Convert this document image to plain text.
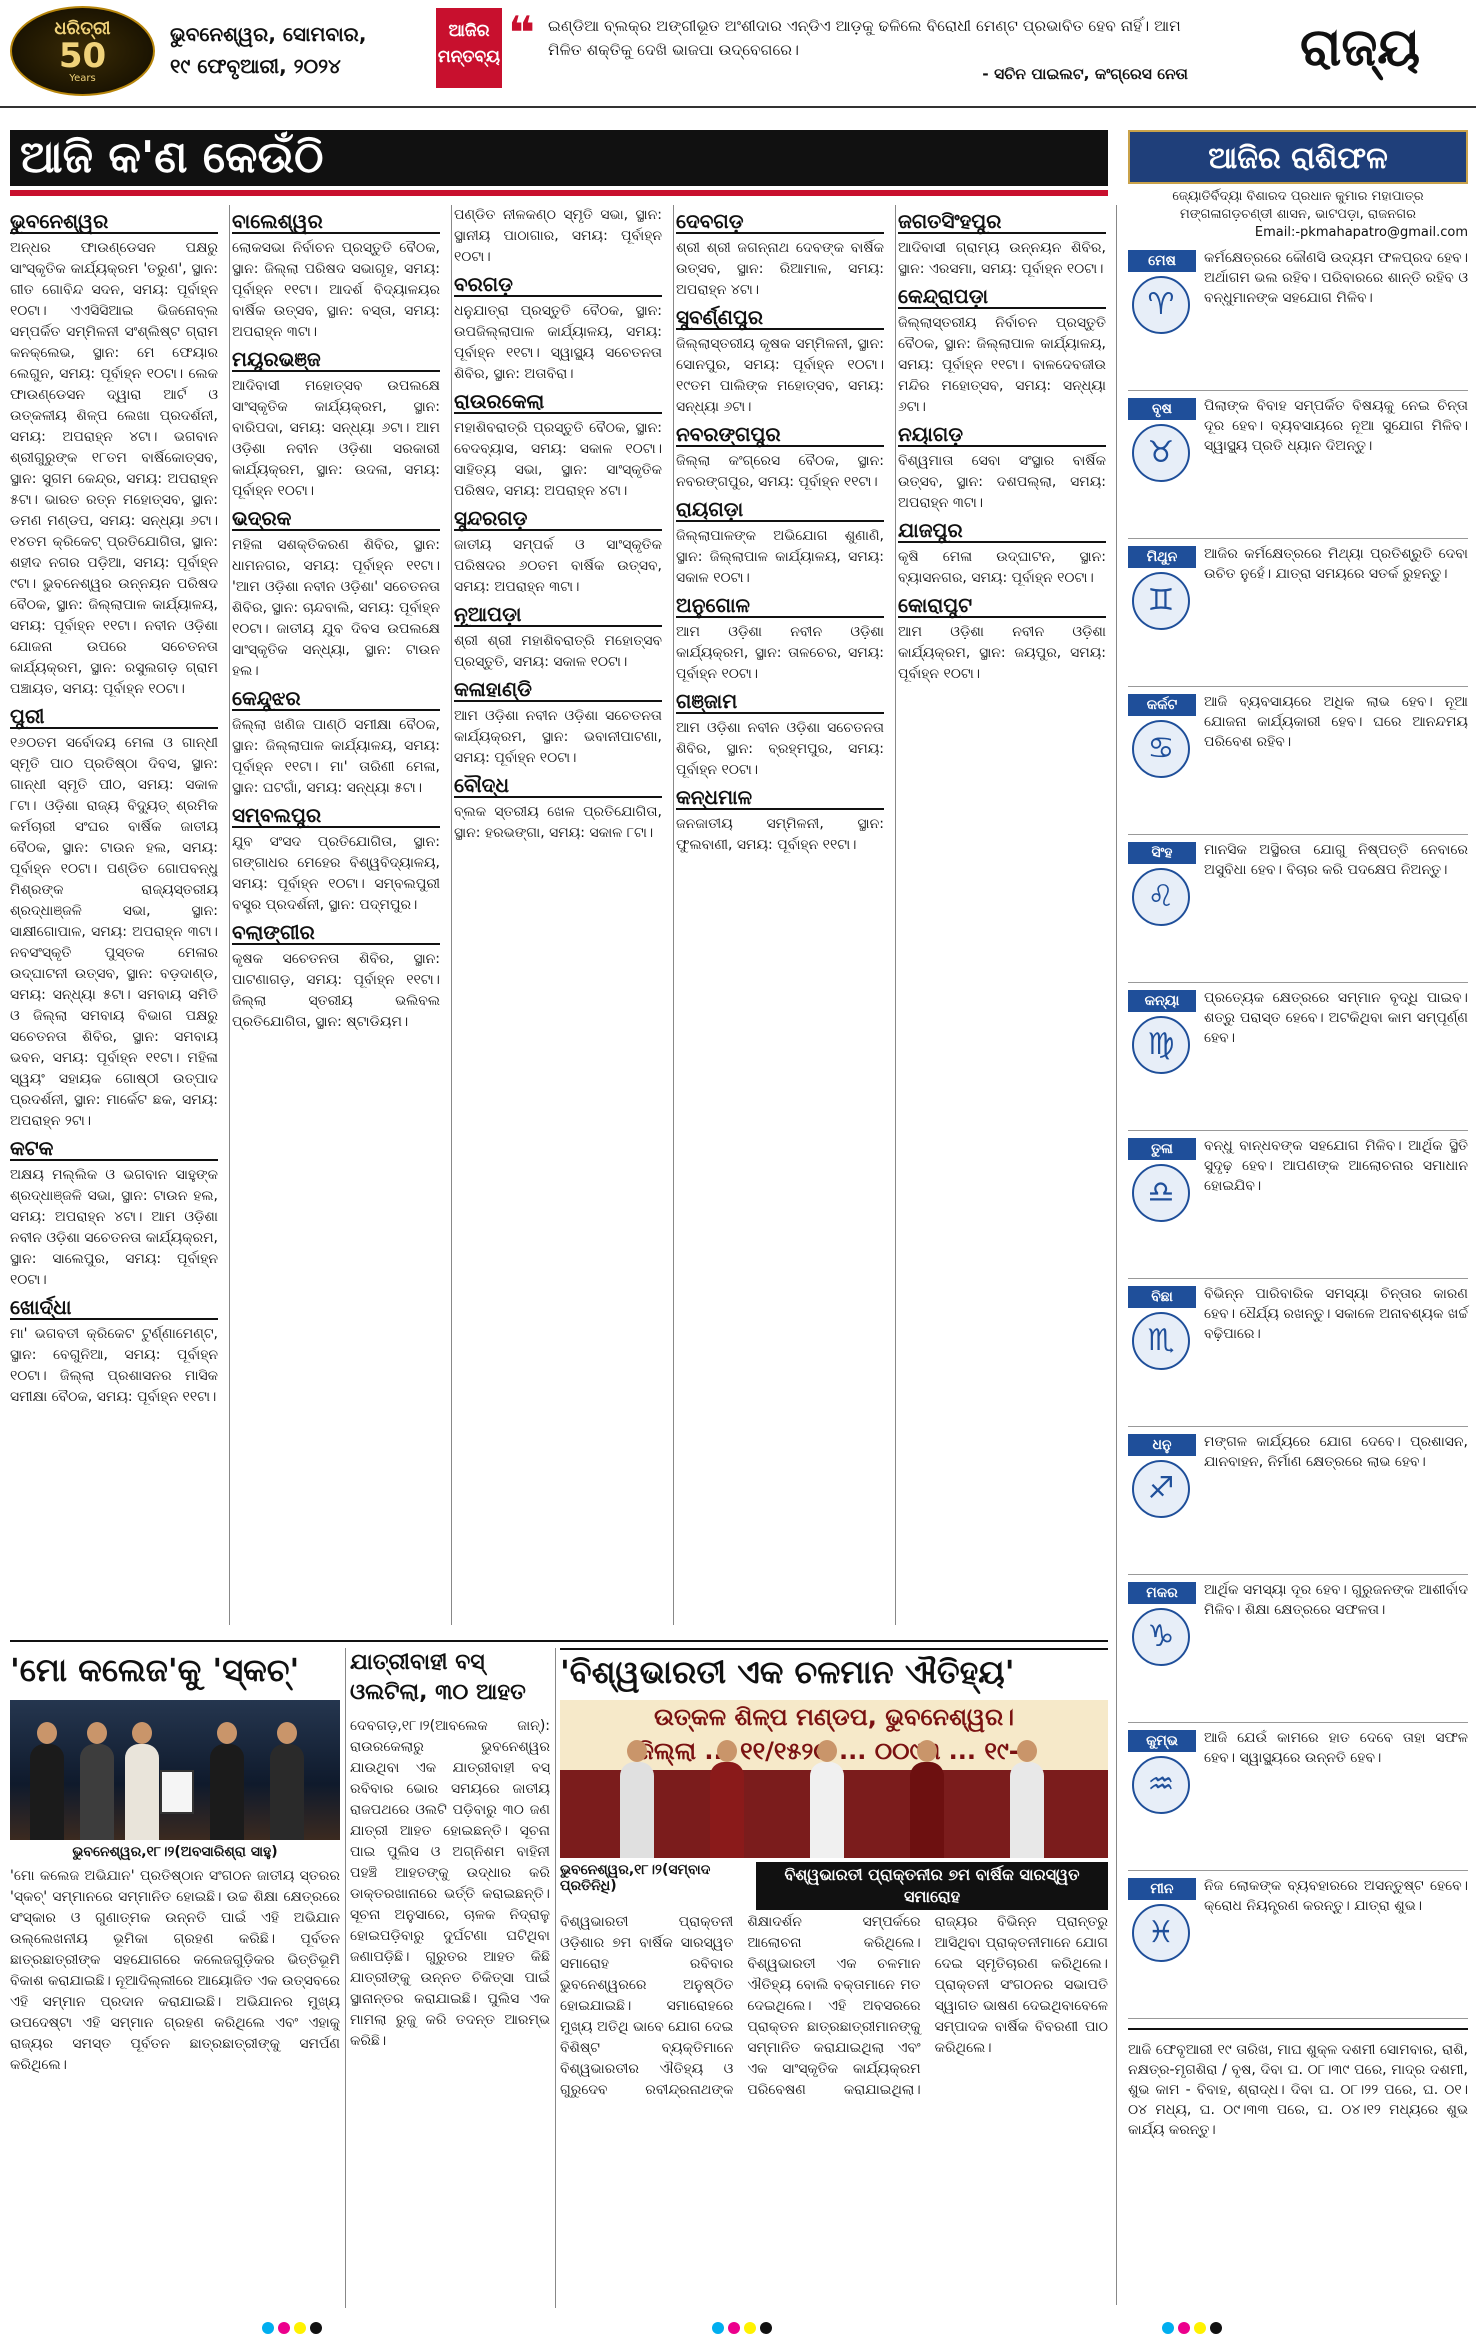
ଧରିତ୍ରୀ
50
Years
ଭୁବନେଶ୍ୱର, ସୋମବାର,
୧୯ ଫେବୃଆରୀ, ୨୦୨୪
ଆଜିର ମନ୍ତବ୍ୟ ❝ ଇଣ୍ଡିଆ ବ୍ଲକ୍‌ର ଅଙ୍ଗୀଭୂତ ଅଂଶୀଦାର ଏନ୍‌ଡିଏ ଆଡ଼କୁ ଢଳିଲେ ବିରୋଧୀ ମେଣ୍ଟ ପ୍ରଭାବିତ ହେବ ନାହିଁ। ଆମ ମିଳିତ ଶକ୍ତିକୁ ଦେଖି ଭାଜପା ଉଦ୍‌ବେଗରେ।
- ସଚିନ ପାଇଲଟ, କଂଗ୍ରେସ ନେତା ରାଜ୍ୟ
ଆଜି କ'ଣ କେଉଁଠି
ଭୁବନେଶ୍ୱର

ଅନ୍ଧର ଫାଉଣ୍ଡେସନ ପକ୍ଷରୁ ସାଂସ୍କୃତିକ କାର୍ଯ୍ୟକ୍ରମ 'ତରୁଣ', ସ୍ଥାନ: ଗୀତ ଗୋବିନ୍ଦ ସଦନ, ସମୟ: ପୂର୍ବାହ୍ନ ୧୦ଟା। ଏଏସିସିଆଇ ଭିଜନୋବ୍ଲ ସମ୍ପର୍କିତ ସମ୍ମିଳନୀ ସଂଶ୍ଲିଷ୍ଟ ଗ୍ରାମ କନକ୍ଲେଭ, ସ୍ଥାନ: ମେ ଫେୟାର ଲେଗୁନ, ସମୟ: ପୂର୍ବାହ୍ନ ୧୦ଟା। ଲେକ ଫାଉଣ୍ଡେସନ ଦ୍ୱାରା ଆର୍ଟ ଓ ଉତ୍କଳୀୟ ଶିଳ୍ପ ଲେଖା ପ୍ରଦର୍ଶନୀ, ସମୟ: ଅପରାହ୍ନ ୪ଟା। ଭଗବାନ ଶ୍ରୀଗୁରୁଙ୍କ ୧୮ତମ ବାର୍ଷିକୋତ୍ସବ, ସ୍ଥାନ: ସୁଗମ କେନ୍ଦ୍ର, ସମୟ: ଅପରାହ୍ନ ୫ଟା। ଭାରତ ରତ୍ନ ମହୋତ୍ସବ, ସ୍ଥାନ: ଡମଣ ମଣ୍ଡପ, ସମୟ: ସନ୍ଧ୍ୟା ୬ଟା। ୧୪ତମ କ୍ରିକେଟ୍ ପ୍ରତିଯୋଗିତା, ସ୍ଥାନ: ଶହୀଦ ନଗର ପଡ଼ିଆ, ସମୟ: ପୂର୍ବାହ୍ନ ୯ଟା। ଭୁବନେଶ୍ୱର ଉନ୍ନୟନ ପରିଷଦ ବୈଠକ, ସ୍ଥାନ: ଜିଲ୍ଲାପାଳ କାର୍ଯ୍ୟାଳୟ, ସମୟ: ପୂର୍ବାହ୍ନ ୧୧ଟା। ନବୀନ ଓଡ଼ିଶା ଯୋଜନା ଉପରେ ସଚେତନତା କାର୍ଯ୍ୟକ୍ରମ, ସ୍ଥାନ: ରସୁଲଗଡ଼ ଗ୍ରାମ ପଞ୍ଚାୟତ, ସମୟ: ପୂର୍ବାହ୍ନ ୧୦ଟା।

ପୁରୀ

୧୬୦ତମ ସର୍ବୋଦୟ ମେଳା ଓ ଗାନ୍ଧୀ ସ୍ମୃତି ପାଠ ପ୍ରତିଷ୍ଠା ଦିବସ, ସ୍ଥାନ: ଗାନ୍ଧୀ ସ୍ମୃତି ପୀଠ, ସମୟ: ସକାଳ ୮ଟା। ଓଡ଼ିଶା ରାଜ୍ୟ ବିଦ୍ୟୁତ୍ ଶ୍ରମିକ କର୍ମଚାରୀ ସଂଘର ବାର୍ଷିକ ଜାତୀୟ ବୈଠକ, ସ୍ଥାନ: ଟାଉନ ହଲ, ସମୟ: ପୂର୍ବାହ୍ନ ୧୦ଟା। ପଣ୍ଡିତ ଗୋପବନ୍ଧୁ ମିଶ୍ରଙ୍କ ରାଜ୍ୟସ୍ତରୀୟ ଶ୍ରଦ୍ଧାଞ୍ଜଳି ସଭା, ସ୍ଥାନ: ସାକ୍ଷୀଗୋପାଳ, ସମୟ: ଅପରାହ୍ନ ୩ଟା। ନବସଂସ୍କୃତି ପୁସ୍ତକ ମେଳାର ଉଦ୍‌ଘାଟନୀ ଉତ୍ସବ, ସ୍ଥାନ: ବଡ଼ଦାଣ୍ଡ, ସମୟ: ସନ୍ଧ୍ୟା ୫ଟା। ସମବାୟ ସମିତି ଓ ଜିଲ୍ଲା ସମବାୟ ବିଭାଗ ପକ୍ଷରୁ ସଚେତନତା ଶିବିର, ସ୍ଥାନ: ସମବାୟ ଭବନ, ସମୟ: ପୂର୍ବାହ୍ନ ୧୧ଟା। ମହିଳା ସ୍ୱୟଂ ସହାୟକ ଗୋଷ୍ଠୀ ଉତ୍ପାଦ ପ୍ରଦର୍ଶନୀ, ସ୍ଥାନ: ମାର୍କେଟ ଛକ, ସମୟ: ଅପରାହ୍ନ ୨ଟା।

କଟକ

ଅକ୍ଷୟ ମଲ୍ଲିକ ଓ ଭଗବାନ ସାହୁଙ୍କ ଶ୍ରଦ୍ଧାଞ୍ଜଳି ସଭା, ସ୍ଥାନ: ଟାଉନ ହଲ, ସମୟ: ଅପରାହ୍ନ ୪ଟା। ଆମ ଓଡ଼ିଶା ନବୀନ ଓଡ଼ିଶା ସଚେତନତା କାର୍ଯ୍ୟକ୍ରମ, ସ୍ଥାନ: ସାଲେପୁର, ସମୟ: ପୂର୍ବାହ୍ନ ୧୦ଟା।

ଖୋର୍ଦ୍ଧା

ମା' ଭଗବତୀ କ୍ରିକେଟ ଟୁର୍ଣ୍ଣାମେଣ୍ଟ, ସ୍ଥାନ: ବେଗୁନିଆ, ସମୟ: ପୂର୍ବାହ୍ନ ୧୦ଟା। ଜିଲ୍ଲା ପ୍ରଶାସନର ମାସିକ ସମୀକ୍ଷା ବୈଠକ, ସମୟ: ପୂର୍ବାହ୍ନ ୧୧ଟା।

ବାଲେଶ୍ୱର

ଲୋକସଭା ନିର୍ବାଚନ ପ୍ରସ୍ତୁତି ବୈଠକ, ସ୍ଥାନ: ଜିଲ୍ଲା ପରିଷଦ ସଭାଗୃହ, ସମୟ: ପୂର୍ବାହ୍ନ ୧୧ଟା। ଆଦର୍ଶ ବିଦ୍ୟାଳୟର ବାର୍ଷିକ ଉତ୍ସବ, ସ୍ଥାନ: ବସ୍ତା, ସମୟ: ଅପରାହ୍ନ ୩ଟା।

ମୟୂରଭଞ୍ଜ

ଆଦିବାସୀ ମହୋତ୍ସବ ଉପଲକ୍ଷେ ସାଂସ୍କୃତିକ କାର୍ଯ୍ୟକ୍ରମ, ସ୍ଥାନ: ବାରିପଦା, ସମୟ: ସନ୍ଧ୍ୟା ୬ଟା। ଆମ ଓଡ଼ିଶା ନବୀନ ଓଡ଼ିଶା ସରକାରୀ କାର୍ଯ୍ୟକ୍ରମ, ସ୍ଥାନ: ଉଦଳା, ସମୟ: ପୂର୍ବାହ୍ନ ୧୦ଟା।

ଭଦ୍ରକ

ମହିଳା ସଶକ୍ତିକରଣ ଶିବିର, ସ୍ଥାନ: ଧାମନଗର, ସମୟ: ପୂର୍ବାହ୍ନ ୧୧ଟା। 'ଆମ ଓଡ଼ିଶା ନବୀନ ଓଡ଼ିଶା' ସଚେତନତା ଶିବିର, ସ୍ଥାନ: ଚାନ୍ଦବାଲି, ସମୟ: ପୂର୍ବାହ୍ନ ୧୦ଟା। ଜାତୀୟ ଯୁବ ଦିବସ ଉପଲକ୍ଷେ ସାଂସ୍କୃତିକ ସନ୍ଧ୍ୟା, ସ୍ଥାନ: ଟାଉନ ହଲ।

କେନ୍ଦୁଝର

ଜିଲ୍ଲା ଖଣିଜ ପାଣ୍ଠି ସମୀକ୍ଷା ବୈଠକ, ସ୍ଥାନ: ଜିଲ୍ଲାପାଳ କାର୍ଯ୍ୟାଳୟ, ସମୟ: ପୂର୍ବାହ୍ନ ୧୧ଟା। ମା' ତାରିଣୀ ମେଳା, ସ୍ଥାନ: ଘଟଗାଁ, ସମୟ: ସନ୍ଧ୍ୟା ୫ଟା।

ସମ୍ବଲପୁର

ଯୁବ ସଂସଦ ପ୍ରତିଯୋଗିତା, ସ୍ଥାନ: ଗଙ୍ଗାଧର ମେହେର ବିଶ୍ୱବିଦ୍ୟାଳୟ, ସମୟ: ପୂର୍ବାହ୍ନ ୧୦ଟା। ସମ୍ବଲପୁରୀ ବସ୍ତ୍ର ପ୍ରଦର୍ଶନୀ, ସ୍ଥାନ: ପଦ୍ମପୁର।

ବଲାଙ୍ଗୀର

କୃଷକ ସଚେତନତା ଶିବିର, ସ୍ଥାନ: ପାଟଣାଗଡ଼, ସମୟ: ପୂର୍ବାହ୍ନ ୧୧ଟା। ଜିଲ୍ଲା ସ୍ତରୀୟ ଭଲିବଲ ପ୍ରତିଯୋଗିତା, ସ୍ଥାନ: ଷ୍ଟାଡିୟମ।

ପଣ୍ଡିତ ନୀଳକଣ୍ଠ ସ୍ମୃତି ସଭା, ସ୍ଥାନ: ସ୍ଥାନୀୟ ପାଠାଗାର, ସମୟ: ପୂର୍ବାହ୍ନ ୧୦ଟା।

ବରଗଡ଼

ଧନୁଯାତ୍ରା ପ୍ରସ୍ତୁତି ବୈଠକ, ସ୍ଥାନ: ଉପଜିଲ୍ଲାପାଳ କାର୍ଯ୍ୟାଳୟ, ସମୟ: ପୂର୍ବାହ୍ନ ୧୧ଟା। ସ୍ୱାସ୍ଥ୍ୟ ସଚେତନତା ଶିବିର, ସ୍ଥାନ: ଅତାବିରା।

ରାଉରକେଲା

ମହାଶିବରାତ୍ରି ପ୍ରସ୍ତୁତି ବୈଠକ, ସ୍ଥାନ: ବେଦବ୍ୟାସ, ସମୟ: ସକାଳ ୧୦ଟା। ସାହିତ୍ୟ ସଭା, ସ୍ଥାନ: ସାଂସ୍କୃତିକ ପରିଷଦ, ସମୟ: ଅପରାହ୍ନ ୪ଟା।

ସୁନ୍ଦରଗଡ଼

ଜାତୀୟ ସମ୍ପର୍କ ଓ ସାଂସ୍କୃତିକ ପରିଷଦର ୬୦ତମ ବାର୍ଷିକ ଉତ୍ସବ, ସମୟ: ଅପରାହ୍ନ ୩ଟା।

ନୂଆପଡ଼ା

ଶ୍ରୀ ଶ୍ରୀ ମହାଶିବରାତ୍ରି ମହୋତ୍ସବ ପ୍ରସ୍ତୁତି, ସମୟ: ସକାଳ ୧୦ଟା।

କଳାହାଣ୍ଡି

ଆମ ଓଡ଼ିଶା ନବୀନ ଓଡ଼ିଶା ସଚେତନତା କାର୍ଯ୍ୟକ୍ରମ, ସ୍ଥାନ: ଭବାନୀପାଟଣା, ସମୟ: ପୂର୍ବାହ୍ନ ୧୦ଟା।

ବୌଦ୍ଧ

ବ୍ଲକ ସ୍ତରୀୟ ଖେଳ ପ୍ରତିଯୋଗିତା, ସ୍ଥାନ: ହରଭଙ୍ଗା, ସମୟ: ସକାଳ ୮ଟା।

ଦେବଗଡ଼

ଶ୍ରୀ ଶ୍ରୀ ଜଗନ୍ନାଥ ଦେବଙ୍କ ବାର୍ଷିକ ଉତ୍ସବ, ସ୍ଥାନ: ରିଆମାଳ, ସମୟ: ଅପରାହ୍ନ ୪ଟା।

ସୁବର୍ଣ୍ଣପୁର

ଜିଲ୍ଲାସ୍ତରୀୟ କୃଷକ ସମ୍ମିଳନୀ, ସ୍ଥାନ: ସୋନପୁର, ସମୟ: ପୂର୍ବାହ୍ନ ୧୦ଟା। ୧୯ତମ ପାଲିଙ୍କ ମହୋତ୍ସବ, ସମୟ: ସନ୍ଧ୍ୟା ୬ଟା।

ନବରଙ୍ଗପୁର

ଜିଲ୍ଲା କଂଗ୍ରେସ ବୈଠକ, ସ୍ଥାନ: ନବରଙ୍ଗପୁର, ସମୟ: ପୂର୍ବାହ୍ନ ୧୧ଟା।

ରାୟଗଡ଼ା

ଜିଲ୍ଲାପାଳଙ୍କ ଅଭିଯୋଗ ଶୁଣାଣି, ସ୍ଥାନ: ଜିଲ୍ଲାପାଳ କାର୍ଯ୍ୟାଳୟ, ସମୟ: ସକାଳ ୧୦ଟା।

ଅନୁଗୋଳ

ଆମ ଓଡ଼ିଶା ନବୀନ ଓଡ଼ିଶା କାର୍ଯ୍ୟକ୍ରମ, ସ୍ଥାନ: ତାଳଚେର, ସମୟ: ପୂର୍ବାହ୍ନ ୧୦ଟା।

ଗଞ୍ଜାମ

ଆମ ଓଡ଼ିଶା ନବୀନ ଓଡ଼ିଶା ସଚେତନତା ଶିବିର, ସ୍ଥାନ: ବ୍ରହ୍ମପୁର, ସମୟ: ପୂର୍ବାହ୍ନ ୧୦ଟା।

କନ୍ଧମାଳ

ଜନଜାତୀୟ ସମ୍ମିଳନୀ, ସ୍ଥାନ: ଫୁଲବାଣୀ, ସମୟ: ପୂର୍ବାହ୍ନ ୧୧ଟା।

ଜଗତସିଂହପୁର

ଆଦିବାସୀ ଗ୍ରାମ୍ୟ ଉନ୍ନୟନ ଶିବିର, ସ୍ଥାନ: ଏରସମା, ସମୟ: ପୂର୍ବାହ୍ନ ୧୦ଟା।

କେନ୍ଦ୍ରାପଡ଼ା

ଜିଲ୍ଲାସ୍ତରୀୟ ନିର୍ବାଚନ ପ୍ରସ୍ତୁତି ବୈଠକ, ସ୍ଥାନ: ଜିଲ୍ଲାପାଳ କାର୍ଯ୍ୟାଳୟ, ସମୟ: ପୂର୍ବାହ୍ନ ୧୧ଟା। ବାଳଦେବଜୀଉ ମନ୍ଦିର ମହୋତ୍ସବ, ସମୟ: ସନ୍ଧ୍ୟା ୬ଟା।

ନୟାଗଡ଼

ବିଶ୍ୱମାତା ସେବା ସଂସ୍ଥାର ବାର୍ଷିକ ଉତ୍ସବ, ସ୍ଥାନ: ଦଶପଲ୍ଲା, ସମୟ: ଅପରାହ୍ନ ୩ଟା।

ଯାଜପୁର

କୃଷି ମେଳା ଉଦ୍‌ଘାଟନ, ସ୍ଥାନ: ବ୍ୟାସନଗର, ସମୟ: ପୂର୍ବାହ୍ନ ୧୦ଟା।

କୋରାପୁଟ

ଆମ ଓଡ଼ିଶା ନବୀନ ଓଡ଼ିଶା କାର୍ଯ୍ୟକ୍ରମ, ସ୍ଥାନ: ଜୟପୁର, ସମୟ: ପୂର୍ବାହ୍ନ ୧୦ଟା।

ଆଜିର ରାଶିଫଳ
ଜ୍ୟୋତିର୍ବିଦ୍ୟା ବିଶାରଦ ପ୍ରଧାନ କୁମାର ମହାପାତ୍ର
ମଙ୍ଗଳାଗଡ଼ଚଣ୍ଡୀ ଶାସନ, ଭାଟପଡ଼ା, ରାଜନଗର
Email:-pkmahapatro@gmail.com
ମେଷ
♈
କର୍ମକ୍ଷେତ୍ରରେ କୌଣସି ଉଦ୍ୟମ ଫଳପ୍ରଦ ହେବ। ଅର୍ଥାଗମ ଭଲ ରହିବ। ପରିବାରରେ ଶାନ୍ତି ରହିବ ଓ ବନ୍ଧୁମାନଙ୍କ ସହଯୋଗ ମିଳିବ।
ବୃଷ
♉
ପିଲାଙ୍କ ବିବାହ ସମ୍ପର୍କିତ ବିଷୟକୁ ନେଇ ଚିନ୍ତା ଦୂର ହେବ। ବ୍ୟବସାୟରେ ନୂଆ ସୁଯୋଗ ମିଳିବ। ସ୍ୱାସ୍ଥ୍ୟ ପ୍ରତି ଧ୍ୟାନ ଦିଅନ୍ତୁ।
ମିଥୁନ
♊
ଆଜିର କର୍ମକ୍ଷେତ୍ରରେ ମିଥ୍ୟା ପ୍ରତିଶ୍ରୁତି ଦେବା ଉଚିତ ନୁହେଁ। ଯାତ୍ରା ସମୟରେ ସତର୍କ ରୁହନ୍ତୁ।
କର୍କଟ
♋
ଆଜି ବ୍ୟବସାୟରେ ଅଧିକ ଲାଭ ହେବ। ନୂଆ ଯୋଜନା କାର୍ଯ୍ୟକାରୀ ହେବ। ଘରେ ଆନନ୍ଦମୟ ପରିବେଶ ରହିବ।
ସିଂହ
♌
ମାନସିକ ଅସ୍ଥିରତା ଯୋଗୁ ନିଷ୍ପତ୍ତି ନେବାରେ ଅସୁବିଧା ହେବ। ବିଚାର କରି ପଦକ୍ଷେପ ନିଅନ୍ତୁ।
କନ୍ୟା
♍
ପ୍ରତ୍ୟେକ କ୍ଷେତ୍ରରେ ସମ୍ମାନ ବୃଦ୍ଧି ପାଇବ। ଶତ୍ରୁ ପରାସ୍ତ ହେବେ। ଅଟକିଥିବା କାମ ସମ୍ପୂର୍ଣ୍ଣ ହେବ।
ତୁଳା
♎
ବନ୍ଧୁ ବାନ୍ଧବଙ୍କ ସହଯୋଗ ମିଳିବ। ଆର୍ଥିକ ସ୍ଥିତି ସୁଦୃଢ଼ ହେବ। ଆପଣଙ୍କ ଆଲୋଚନାର ସମାଧାନ ହୋଇଯିବ।
ବିଛା
♏
ବିଭିନ୍ନ ପାରିବାରିକ ସମସ୍ୟା ଚିନ୍ତାର କାରଣ ହେବ। ଧୈର୍ଯ୍ୟ ରଖନ୍ତୁ। ସକାଳେ ଅନାବଶ୍ୟକ ଖର୍ଚ୍ଚ ବଢ଼ିପାରେ।
ଧନୁ
♐
ମଙ୍ଗଳ କାର୍ଯ୍ୟରେ ଯୋଗ ଦେବେ। ପ୍ରଶାସନ, ଯାନବାହନ, ନିର୍ମାଣ କ୍ଷେତ୍ରରେ ଲାଭ ହେବ।
ମକର
♑
ଆର୍ଥିକ ସମସ୍ୟା ଦୂର ହେବ। ଗୁରୁଜନଙ୍କ ଆଶୀର୍ବାଦ ମିଳିବ। ଶିକ୍ଷା କ୍ଷେତ୍ରରେ ସଫଳତା।
କୁମ୍ଭ
♒
ଆଜି ଯେଉଁ କାମରେ ହାତ ଦେବେ ତାହା ସଫଳ ହେବ। ସ୍ୱାସ୍ଥ୍ୟରେ ଉନ୍ନତି ହେବ।
ମୀନ
♓
ନିଜ ଲୋକଙ୍କ ବ୍ୟବହାରରେ ଅସନ୍ତୁଷ୍ଟ ହେବେ। କ୍ରୋଧ ନିୟନ୍ତ୍ରଣ କରନ୍ତୁ। ଯାତ୍ରା ଶୁଭ।
ଆଜି ଫେବୃଆରୀ ୧୯ ତାରିଖ, ମାଘ ଶୁକ୍ଳ ଦଶମୀ ସୋମବାର, ରାଶି, ନକ୍ଷତ୍ର-ମୃଗଶିରା / ବୃଷ, ଦିବା ଘ. ୦୮।୩୯ ପରେ, ମାଦ୍ର ଦଶମୀ, ଶୁଭ କାମ - ବିବାହ, ଶ୍ରାଦ୍ଧ। ଦିବା ଘ. ୦୮।୨୨ ପରେ, ଘ. ୦୧।୦୪ ମଧ୍ୟ, ଘ. ୦୯।୩୩ ପରେ, ଘ. ୦୪।୧୨ ମଧ୍ୟରେ ଶୁଭ କାର୍ଯ୍ୟ କରନ୍ତୁ।
'ମୋ କଲେଜ'କୁ 'ସ୍କଚ୍'
ଭୁବନେଶ୍ୱର,୧୮।୨(ଅବସାରିଶ୍ରା ସାହୁ)
'ମୋ କଲେଜ ଅଭିଯାନ' ପ୍ରତିଷ୍ଠାନ ସଂଗଠନ ଜାତୀୟ ସ୍ତରର 'ସ୍କଚ୍' ସମ୍ମାନରେ ସମ୍ମାନିତ ହୋଇଛି। ଉଚ୍ଚ ଶିକ୍ଷା କ୍ଷେତ୍ରରେ ସଂସ୍କାର ଓ ଗୁଣାତ୍ମକ ଉନ୍ନତି ପାଇଁ ଏହି ଅଭିଯାନ ଉଲ୍ଲେଖନୀୟ ଭୂମିକା ଗ୍ରହଣ କରିଛି। ପୂର୍ବତନ ଛାତ୍ରଛାତ୍ରୀଙ୍କ ସହଯୋଗରେ କଲେଜଗୁଡ଼ିକର ଭିତ୍ତିଭୂମି ବିକାଶ କରାଯାଇଛି। ନୂଆଦିଲ୍ଲୀରେ ଆୟୋଜିତ ଏକ ଉତ୍ସବରେ ଏହି ସମ୍ମାନ ପ୍ରଦାନ କରାଯାଇଛି। ଅଭିଯାନର ମୁଖ୍ୟ ଉପଦେଷ୍ଟା ଏହି ସମ୍ମାନ ଗ୍ରହଣ କରିଥିଲେ ଏବଂ ଏହାକୁ ରାଜ୍ୟର ସମସ୍ତ ପୂର୍ବତନ ଛାତ୍ରଛାତ୍ରୀଙ୍କୁ ସମର୍ପଣ କରିଥିଲେ।
ଯାତ୍ରୀବାହୀ ବସ୍ ଓଲଟିଲା, ୩୦ ଆହତ
ଦେବଗଡ଼,୧୮।୨(ଆବଲେକ ଜାନ୍): ରାଉରକେଲାରୁ ଭୁବନେଶ୍ୱର ଯାଉଥିବା ଏକ ଯାତ୍ରୀବାହୀ ବସ୍ ରବିବାର ଭୋର ସମୟରେ ଜାତୀୟ ରାଜପଥରେ ଓଲଟି ପଡ଼ିବାରୁ ୩୦ ଜଣ ଯାତ୍ରୀ ଆହତ ହୋଇଛନ୍ତି। ସୂଚନା ପାଇ ପୁଲିସ ଓ ଅଗ୍ନିଶମ ବାହିନୀ ପହଞ୍ଚି ଆହତଙ୍କୁ ଉଦ୍ଧାର କରି ଡାକ୍ତରଖାନାରେ ଭର୍ତ୍ତି କରାଇଛନ୍ତି। ସୂଚନା ଅନୁସାରେ, ଚାଳକ ନିଦ୍ରାଳୁ ହୋଇପଡ଼ିବାରୁ ଦୁର୍ଘଟଣା ଘଟିଥିବା ଜଣାପଡ଼ିଛି। ଗୁରୁତର ଆହତ କିଛି ଯାତ୍ରୀଙ୍କୁ ଉନ୍ନତ ଚିକିତ୍ସା ପାଇଁ ସ୍ଥାନାନ୍ତର କରାଯାଇଛି। ପୁଲିସ ଏକ ମାମଲା ରୁଜୁ କରି ତଦନ୍ତ ଆରମ୍ଭ କରିଛି।
'ବିଶ୍ୱଭାରତୀ ଏକ ଚଳମାନ ଐତିହ୍ୟ'
ଉତ୍କଳ ଶିଳ୍ପ ମଣ୍ଡପ, ଭୁବନେଶ୍ୱର।
ଜିଲ୍ଲା ୧୧/୧୫୨୦ ... ୦୦୯୩ ... ୧୯-୨
ଭୁବନେଶ୍ୱର,୧୮।୨(ସମ୍ବାଦ ପ୍ରତିନିଧି)
ବିଶ୍ୱଭାରତୀ ପ୍ରାକ୍ତନୀର ୭ମ ବାର୍ଷିକ ସାରସ୍ୱତ ସମାରୋହ
ବିଶ୍ୱଭାରତୀ ପ୍ରାକ୍ତନୀ ଓଡ଼ିଶାର ୭ମ ବାର୍ଷିକ ସାରସ୍ୱତ ସମାରୋହ ରବିବାର ଭୁବନେଶ୍ୱରରେ ଅନୁଷ୍ଠିତ ହୋଇଯାଇଛି। ସମାରୋହରେ ମୁଖ୍ୟ ଅତିଥି ଭାବେ ଯୋଗ ଦେଇ ବିଶିଷ୍ଟ ବ୍ୟକ୍ତିମାନେ ବିଶ୍ୱଭାରତୀର ଐତିହ୍ୟ ଓ ଗୁରୁଦେବ ରବୀନ୍ଦ୍ରନାଥଙ୍କ ଶିକ୍ଷାଦର୍ଶନ ସମ୍ପର୍କରେ ଆଲୋଚନା କରିଥିଲେ। ବିଶ୍ୱଭାରତୀ ଏକ ଚଳମାନ ଐତିହ୍ୟ ବୋଲି ବକ୍ତାମାନେ ମତ ଦେଇଥିଲେ। ଏହି ଅବସରରେ ପ୍ରାକ୍ତନ ଛାତ୍ରଛାତ୍ରୀମାନଙ୍କୁ ସମ୍ମାନିତ କରାଯାଇଥିଲା ଏବଂ ଏକ ସାଂସ୍କୃତିକ କାର୍ଯ୍ୟକ୍ରମ ପରିବେଷଣ କରାଯାଇଥିଲା। ରାଜ୍ୟର ବିଭିନ୍ନ ପ୍ରାନ୍ତରୁ ଆସିଥିବା ପ୍ରାକ୍ତନୀମାନେ ଯୋଗ ଦେଇ ସ୍ମୃତିଚାରଣ କରିଥିଲେ। ପ୍ରାକ୍ତନୀ ସଂଗଠନର ସଭାପତି ସ୍ୱାଗତ ଭାଷଣ ଦେଇଥିବାବେଳେ ସମ୍ପାଦକ ବାର୍ଷିକ ବିବରଣୀ ପାଠ କରିଥିଲେ।
